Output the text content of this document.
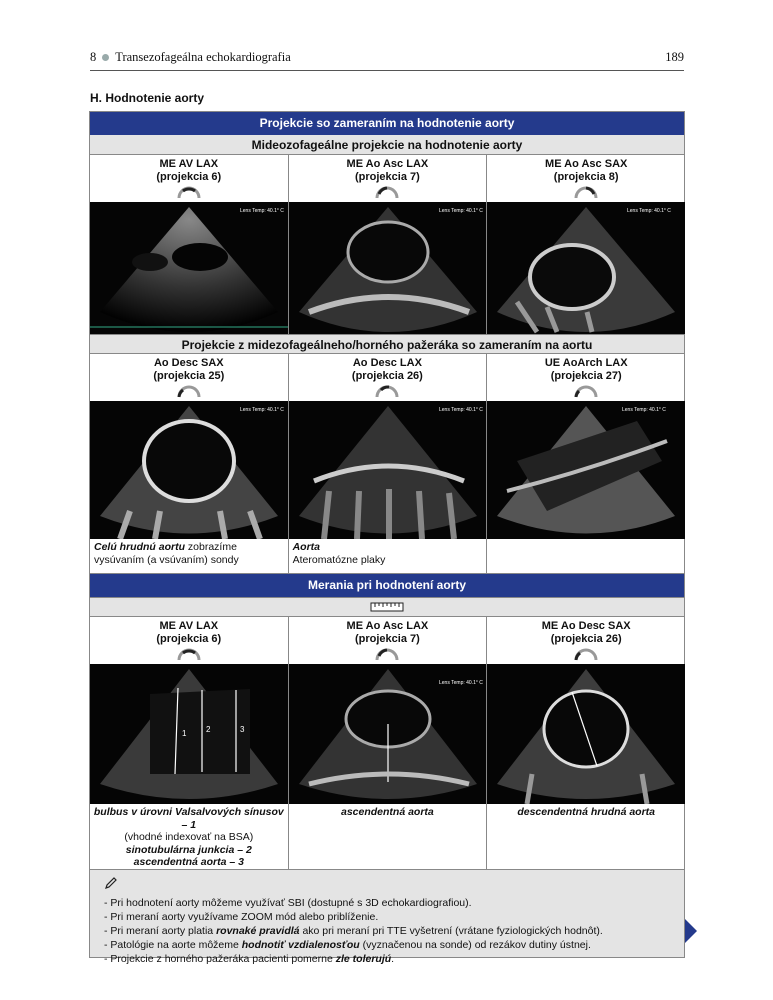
8 Transezofageálna echokardiografia	189
H. Hodnotenie aorty
Projekcie so zameraním na hodnotenie aorty
Mideozofageálne projekcie na hodnotenie aorty
ME AV LAX
(projekcia 6)
Lens Temp: 40.1° C
ME Ao Asc LAX
(projekcia 7)
Lens Temp: 40.1° C
ME Ao Asc SAX
(projekcia 8)
Lens Temp: 40.1° C
Projekcie z midezofageálneho/horného pažeráka so zameraním na aortu
Ao Desc SAX
(projekcia 25)
Lens Temp: 40.1° C
Celú hrudnú aortu zobrazíme vysúvaním (a vsúvaním) sondy
Ao Desc LAX
(projekcia 26)
Lens Temp: 40.1° C
Aorta
Ateromatózne plaky
UE AoArch LAX
(projekcia 27)
Lens Temp: 40.1° C
Merania pri hodnotení aorty
ME AV LAX
(projekcia 6)
1 2	3
bulbus v úrovni Valsalvových sínusov – 1
(vhodné indexovať na BSA)
sinotubulárna junkcia – 2
ascendentná aorta – 3
ME Ao Asc LAX
(projekcia 7)
Lens Temp: 40.1° C
ascendentná aorta
ME Ao Desc SAX
(projekcia 26)
descendentná hrudná aorta
- Pri hodnotení aorty môžeme využívať SBI (dostupné s 3D echokardiografiou).
- Pri meraní aorty využívame ZOOM mód alebo priblíženie.
- Pri meraní aorty platia rovnaké pravidlá ako pri meraní pri TTE vyšetrení (vrátane fyziologických hodnôt).
- Patológie na aorte môžeme hodnotiť vzdialenosťou (vyznačenou na sonde) od rezákov dutiny ústnej.
- Projekcie z horného pažeráka pacienti pomerne zle tolerujú.
